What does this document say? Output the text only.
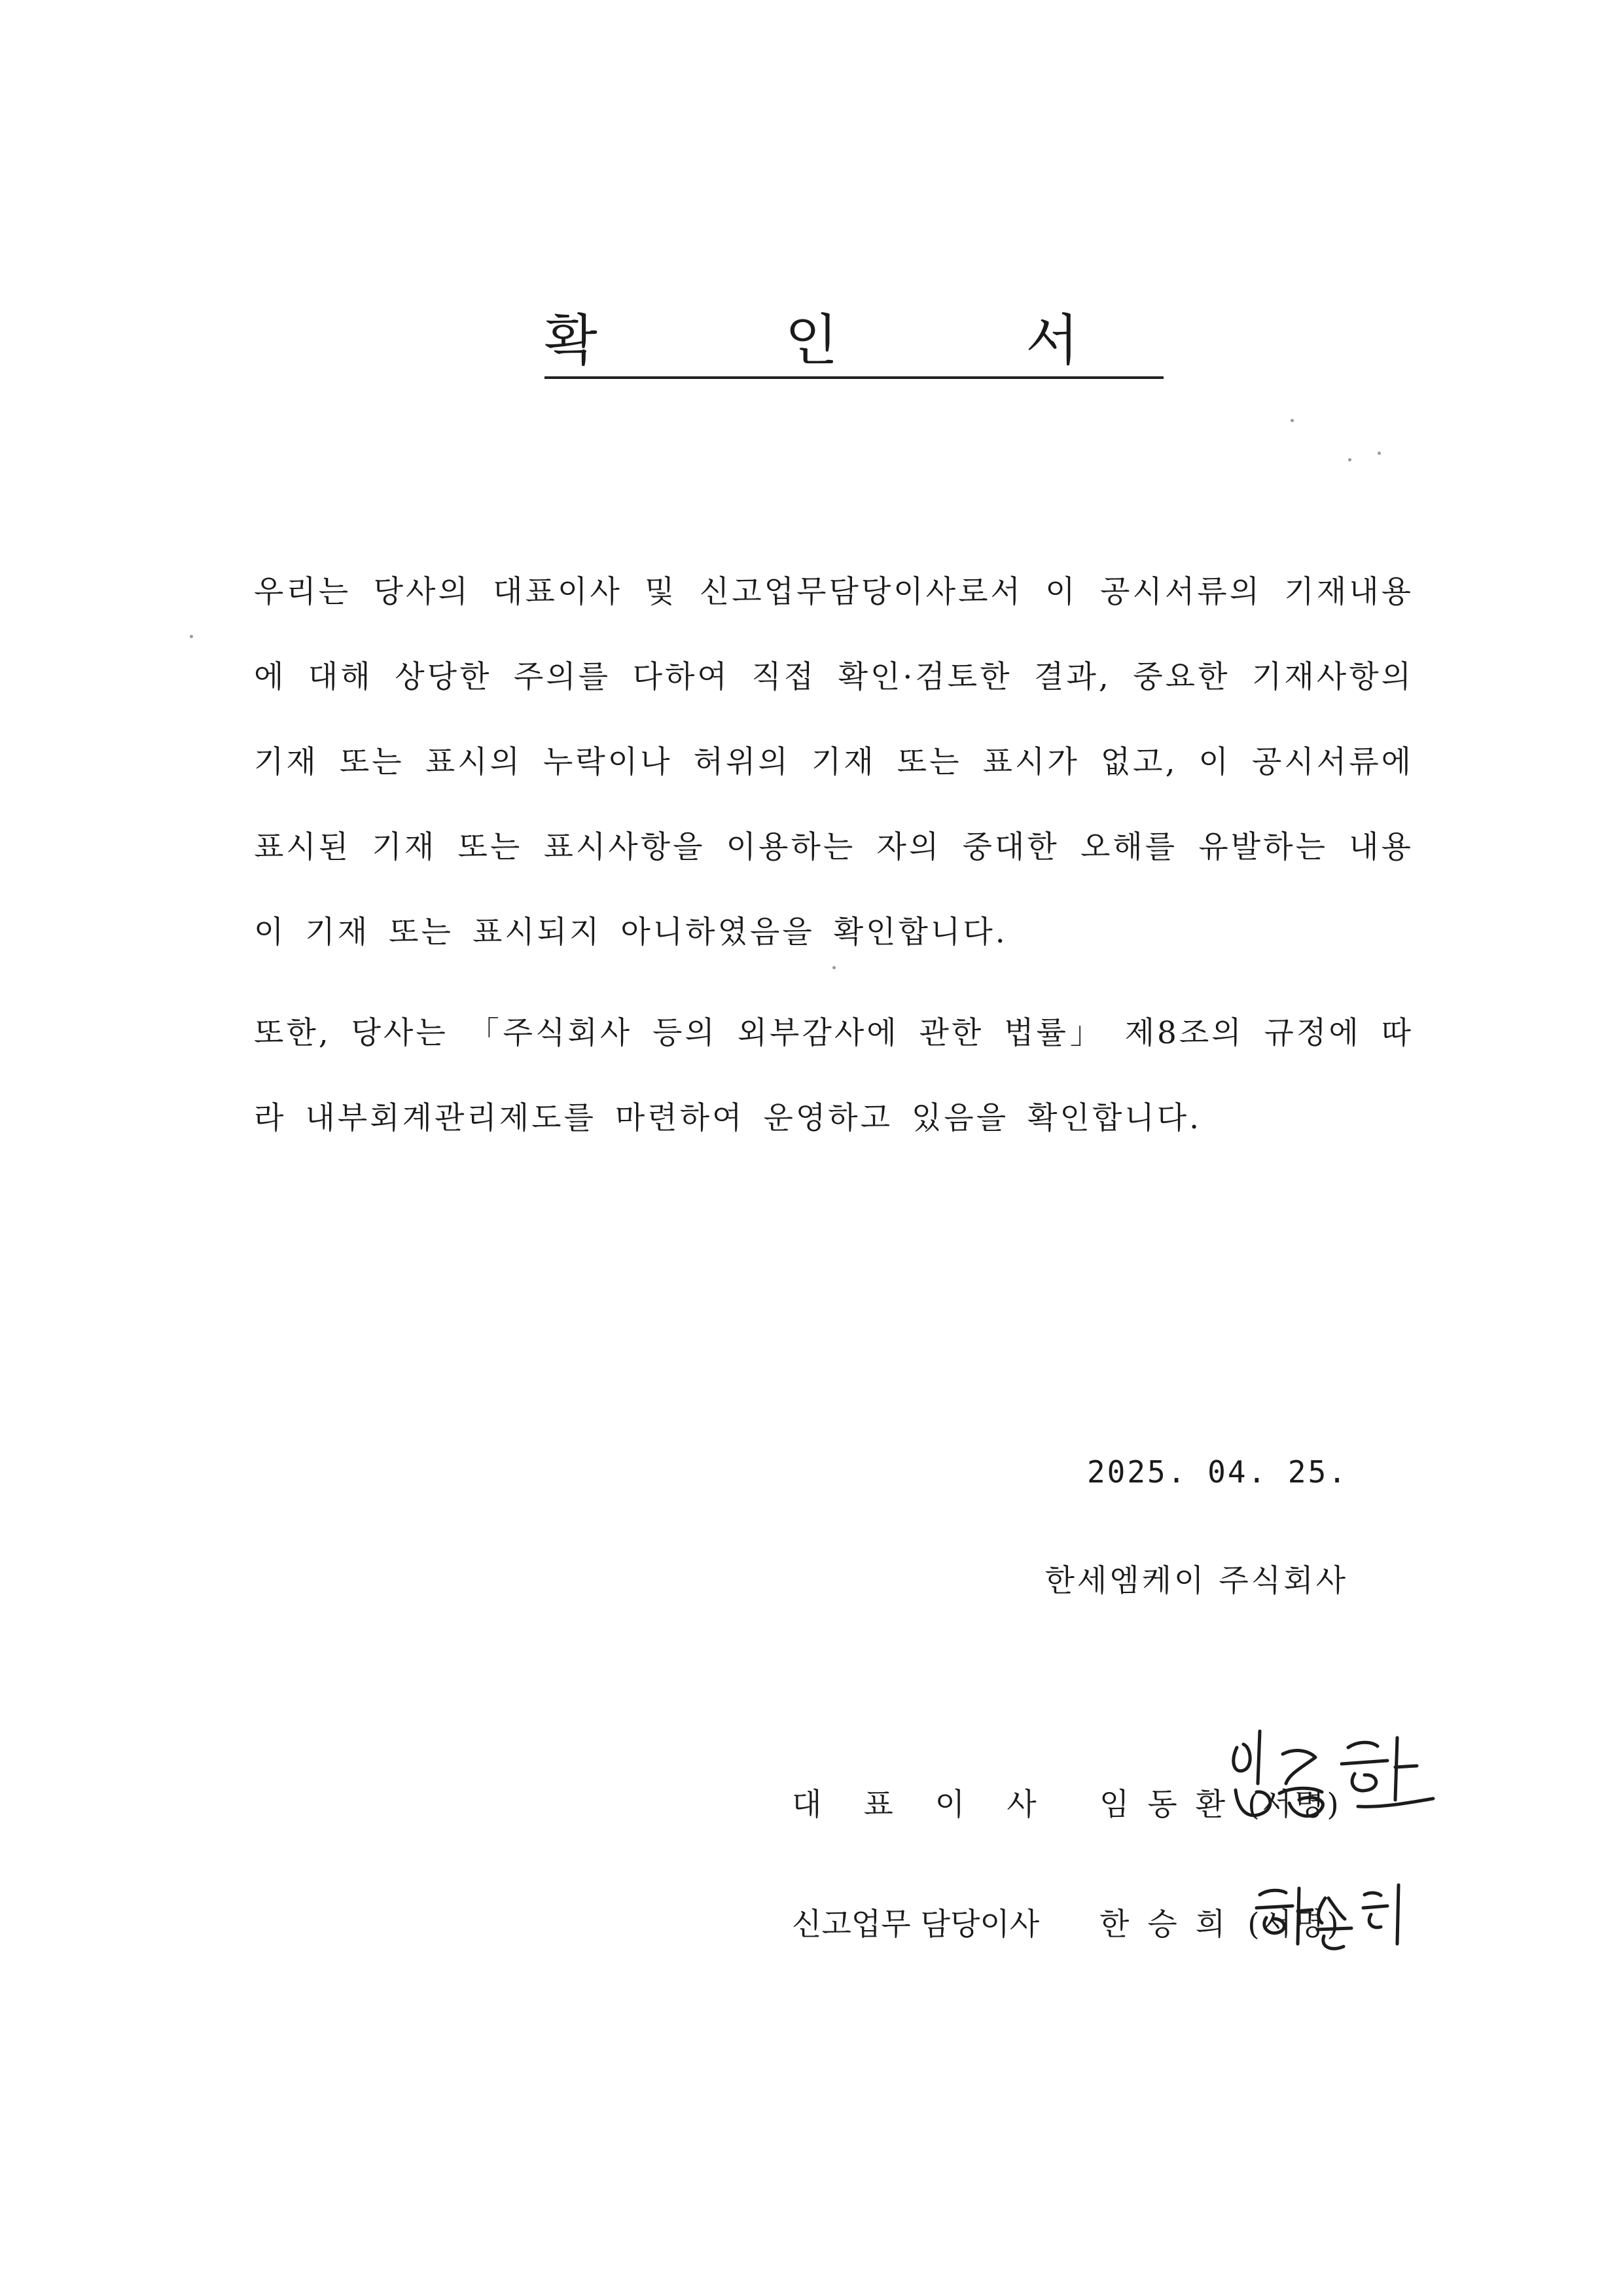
확 인 서

우리는 당사의 대표이사 및 신고업무담당이사로서 이 공시서류의 기재내용에 대해 상당한 주의를 다하여 직접 확인·검토한 결과, 중요한 기재사항의 기재 또는 표시의 누락이나 허위의 기재 또는 표시가 없고, 이 공시서류에 표시된 기재 또는 표시사항을 이용하는 자의 중대한 오해를 유발하는 내용이 기재 또는 표시되지 아니하였음을 확인합니다.

또한, 당사는 「주식회사 등의 외부감사에 관한 법률」 제8조의 규정에 따라 내부회계관리제도를 마련하여 운영하고 있음을 확인합니다.

2025. 04. 25.
한세엠케이 주식회사
대표이사 임동환 (서명)
신고업무 담당이사 한승희 (서명)
